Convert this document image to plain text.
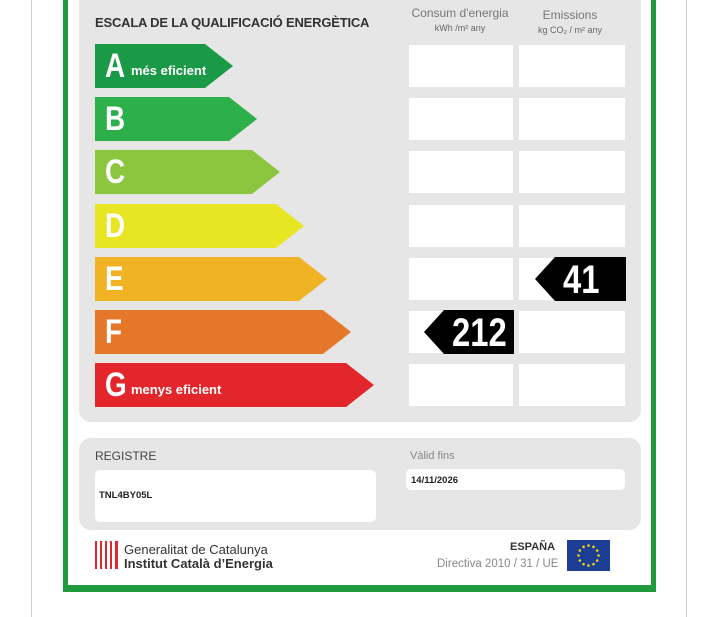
ESCALA DE LA QUALIFICACIÓ ENERGÈTICA
Consum d'energia
kWh /m² any
Emissions
kg CO₂ / m² any
A més eficient
B
C
D
E
F
G menys eficient
212
41
REGISTRE
TNL4BY05L
Vàlid fins
14/11/2026
Generalitat de Catalunya
Institut Català d’Energia
ESPAÑA
Directiva 2010 / 31 / UE
